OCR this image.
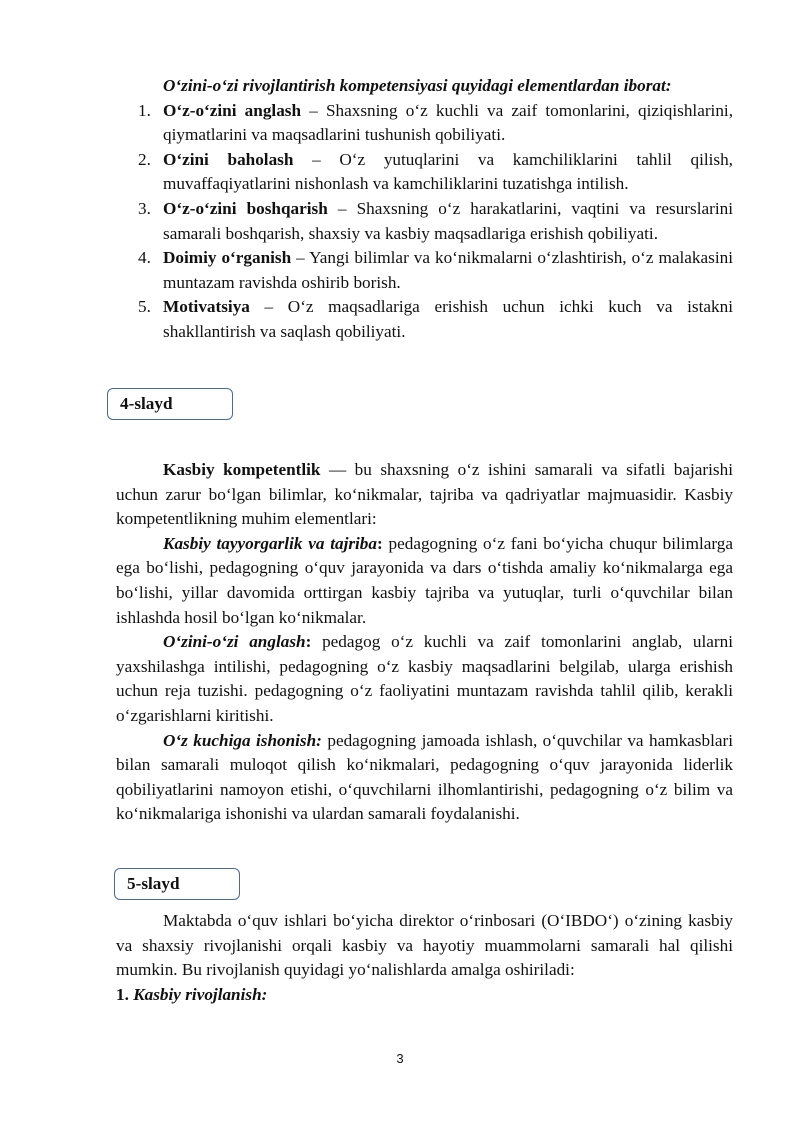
O‘zini-o‘zi rivojlantirish kompetensiyasi quyidagi elementlardan iborat:
1. O‘z-o‘zini anglash – Shaxsning o‘z kuchli va zaif tomonlarini, qiziqishlarini, qiymatlarini va maqsadlarini tushunish qobiliyati.
2. O‘zini baholash – O‘z yutuqlarini va kamchiliklarini tahlil qilish, muvaffaqiyatlarini nishonlash va kamchiliklarini tuzatishga intilish.
3. O‘z-o‘zini boshqarish – Shaxsning o‘z harakatlarini, vaqtini va resurslarini samarali boshqarish, shaxsiy va kasbiy maqsadlariga erishish qobiliyati.
4. Doimiy o‘rganish – Yangi bilimlar va ko‘nikmalarni o‘zlashtirish, o‘z malakasini muntazam ravishda oshirib borish.
5. Motivatsiya – O‘z maqsadlariga erishish uchun ichki kuch va istakni shakllantirish va saqlash qobiliyati.
4-slayd

Kasbiy kompetentlik — bu shaxsning o‘z ishini samarali va sifatli bajarishi uchun zarur bo‘lgan bilimlar, ko‘nikmalar, tajriba va qadriyatlar majmuasidir. Kasbiy kompetentlikning muhim elementlari:

Kasbiy tayyorgarlik va tajriba: pedagogning o‘z fani bo‘yicha chuqur bilimlarga ega bo‘lishi, pedagogning o‘quv jarayonida va dars o‘tishda amaliy ko‘nikmalarga ega bo‘lishi, yillar davomida orttirgan kasbiy tajriba va yutuqlar, turli o‘quvchilar bilan ishlashda hosil bo‘lgan ko‘nikmalar.

O‘zini-o‘zi anglash: pedagog o‘z kuchli va zaif tomonlarini anglab, ularni yaxshilashga intilishi, pedagogning o‘z kasbiy maqsadlarini belgilab, ularga erishish uchun reja tuzishi. pedagogning o‘z faoliyatini muntazam ravishda tahlil qilib, kerakli o‘zgarishlarni kiritishi.

O‘z kuchiga ishonish: pedagogning jamoada ishlash, o‘quvchilar va hamkasblari bilan samarali muloqot qilish ko‘nikmalari, pedagogning o‘quv jarayonida liderlik qobiliyatlarini namoyon etishi, o‘quvchilarni ilhomlantirishi, pedagogning o‘z bilim va ko‘nikmalariga ishonishi va ulardan samarali foydalanishi.

5-slayd

Maktabda o‘quv ishlari bo‘yicha direktor o‘rinbosari (O‘IBDO‘) o‘zining kasbiy va shaxsiy rivojlanishi orqali kasbiy va hayotiy muammolarni samarali hal qilishi mumkin. Bu rivojlanish quyidagi yo‘nalishlarda amalga oshiriladi:

1. Kasbiy rivojlanish:

3
